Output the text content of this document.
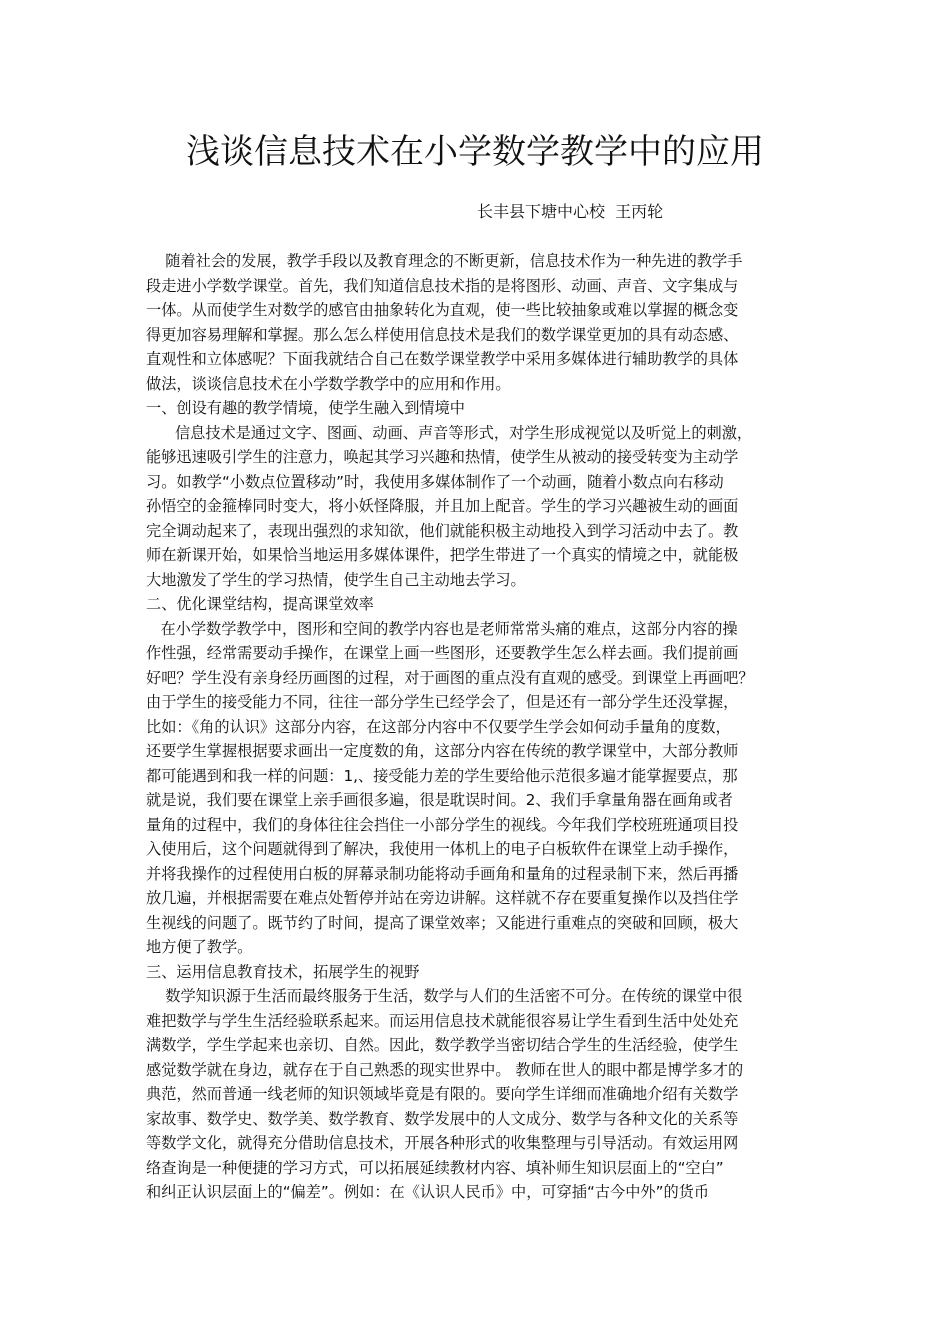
浅谈信息技术在小学数学教学中的应用
长丰县下塘中心校  王丙轮
随着社会的发展，教学手段以及教育理念的不断更新，信息技术作为一种先进的教学手
段走进小学数学课堂。首先，我们知道信息技术指的是将图形、动画、声音、文字集成与
一体。从而使学生对数学的感官由抽象转化为直观，使一些比较抽象或难以掌握的概念变
得更加容易理解和掌握。那么怎么样使用信息技术是我们的数学课堂更加的具有动态感、
直观性和立体感呢？下面我就结合自己在数学课堂教学中采用多媒体进行辅助教学的具体
做法，谈谈信息技术在小学数学教学中的应用和作用。
一、创设有趣的教学情境，使学生融入到情境中
信息技术是通过文字、图画、动画、声音等形式，对学生形成视觉以及听觉上的刺激，
能够迅速吸引学生的注意力，唤起其学习兴趣和热情，使学生从被动的接受转变为主动学
习。如教学“小数点位置移动”时，我使用多媒体制作了一个动画，随着小数点向右移动
孙悟空的金箍棒同时变大，将小妖怪降服，并且加上配音。学生的学习兴趣被生动的画面
完全调动起来了，表现出强烈的求知欲，他们就能积极主动地投入到学习活动中去了。教
师在新课开始，如果恰当地运用多媒体课件，把学生带进了一个真实的情境之中，就能极
大地激发了学生的学习热情，使学生自己主动地去学习。
二、优化课堂结构，提高课堂效率
在小学数学教学中，图形和空间的教学内容也是老师常常头痛的难点，这部分内容的操
作性强，经常需要动手操作，在课堂上画一些图形，还要教学生怎么样去画。我们提前画
好吧？学生没有亲身经历画图的过程，对于画图的重点没有直观的感受。到课堂上再画吧？
由于学生的接受能力不同，往往一部分学生已经学会了，但是还有一部分学生还没掌握，
比如：《角的认识》这部分内容，在这部分内容中不仅要学生学会如何动手量角的度数，
还要学生掌握根据要求画出一定度数的角，这部分内容在传统的教学课堂中，大部分教师
都可能遇到和我一样的问题：1,、接受能力差的学生要给他示范很多遍才能掌握要点，那
就是说，我们要在课堂上亲手画很多遍，很是耽误时间。2、我们手拿量角器在画角或者
量角的过程中，我们的身体往往会挡住一小部分学生的视线。今年我们学校班班通项目投
入使用后，这个问题就得到了解决，我使用一体机上的电子白板软件在课堂上动手操作，
并将我操作的过程使用白板的屏幕录制功能将动手画角和量角的过程录制下来，然后再播
放几遍，并根据需要在难点处暂停并站在旁边讲解。这样就不存在要重复操作以及挡住学
生视线的问题了。既节约了时间，提高了课堂效率；又能进行重难点的突破和回顾，极大
地方便了教学。
三、运用信息教育技术，拓展学生的视野
数学知识源于生活而最终服务于生活，数学与人们的生活密不可分。在传统的课堂中很
难把数学与学生生活经验联系起来。而运用信息技术就能很容易让学生看到生活中处处充
满数学，学生学起来也亲切、自然。因此，数学教学当密切结合学生的生活经验，使学生
感觉数学就在身边，就存在于自己熟悉的现实世界中。 教师在世人的眼中都是博学多才的
典范，然而普通一线老师的知识领域毕竟是有限的。要向学生详细而准确地介绍有关数学
家故事、数学史、数学美、数学教育、数学发展中的人文成分、数学与各种文化的关系等
等数学文化，就得充分借助信息技术，开展各种形式的收集整理与引导活动。有效运用网
络查询是一种便捷的学习方式，可以拓展延续教材内容、填补师生知识层面上的“空白”
和纠正认识层面上的“偏差”。例如：在《认识人民币》中，可穿插“古今中外”的货币
